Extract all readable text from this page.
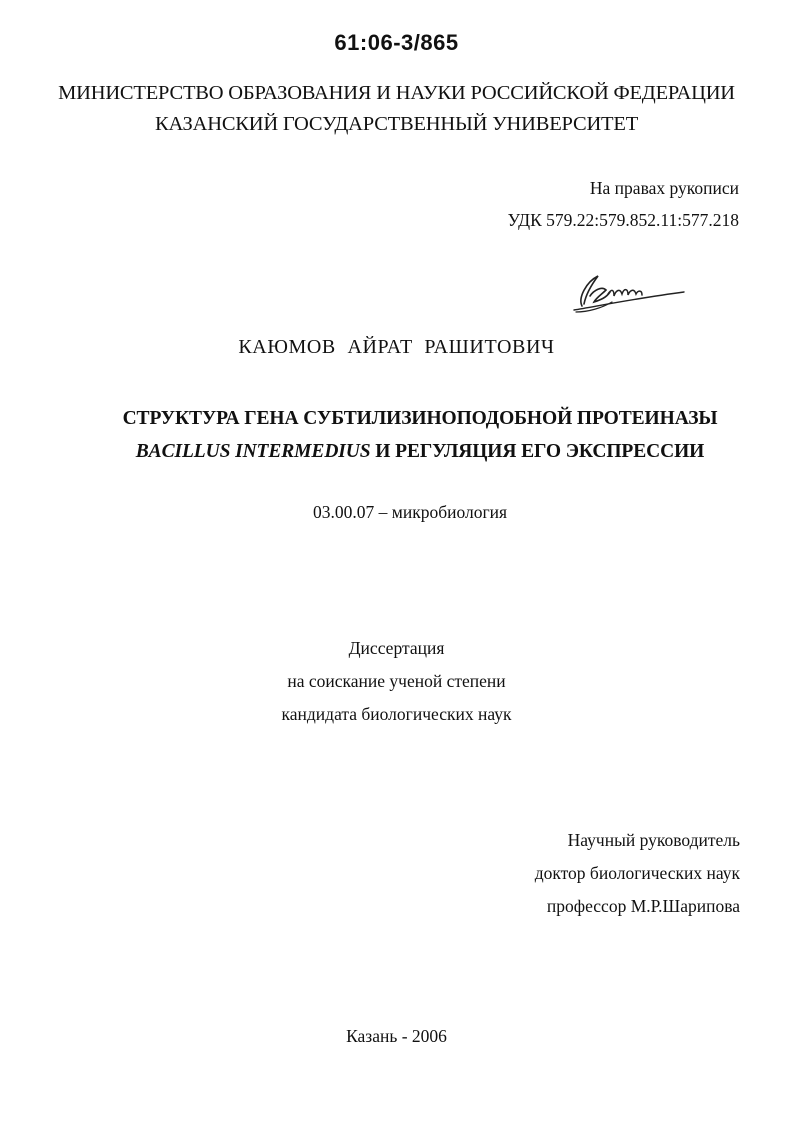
61:06-3/865
МИНИСТЕРСТВО ОБРАЗОВАНИЯ И НАУКИ РОССИЙСКОЙ ФЕДЕРАЦИИ
КАЗАНСКИЙ ГОСУДАРСТВЕННЫЙ УНИВЕРСИТЕТ
На правах рукописи
УДК 579.22:579.852.11:577.218
КАЮМОВ АЙРАТ РАШИТОВИЧ
СТРУКТУРА ГЕНА СУБТИЛИЗИНОПОДОБНОЙ ПРОТЕИНАЗЫ
BACILLUS INTERMEDIUS И РЕГУЛЯЦИЯ ЕГО ЭКСПРЕССИИ
03.00.07 – микробиология
Диссертация
на соискание ученой степени
кандидата биологических наук
Научный руководитель
доктор биологических наук
профессор М.Р.Шарипова
Казань - 2006
